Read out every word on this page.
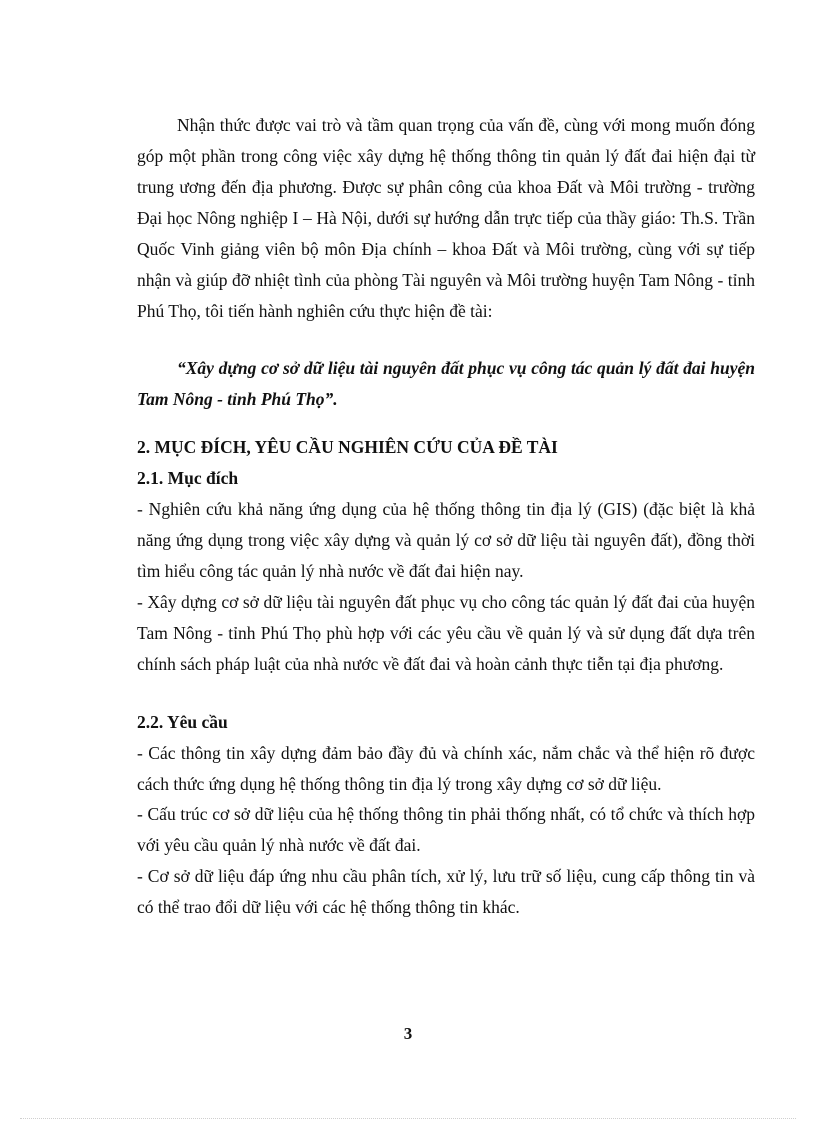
Nhận thức được vai trò và tầm quan trọng của vấn đề, cùng với mong muốn đóng góp một phần trong công việc xây dựng hệ thống thông tin quản lý đất đai hiện đại từ trung ương đến địa phương. Được sự phân công của khoa Đất và Môi trường - trường Đại học Nông nghiệp I – Hà Nội, dưới sự hướng dẫn trực tiếp của thầy giáo: Th.S. Trần Quốc Vinh giảng viên bộ môn Địa chính – khoa Đất và Môi trường, cùng với sự tiếp nhận và giúp đỡ nhiệt tình của phòng Tài nguyên và Môi trường huyện Tam Nông - tỉnh Phú Thọ, tôi tiến hành nghiên cứu thực hiện đề tài:

“Xây dựng cơ sở dữ liệu tài nguyên đất phục vụ công tác quản lý đất đai huyện Tam Nông - tỉnh Phú Thọ”.

2. MỤC ĐÍCH, YÊU CẦU NGHIÊN CỨU CỦA ĐỀ TÀI

2.1. Mục đích

- Nghiên cứu khả năng ứng dụng của hệ thống thông tin địa lý (GIS) (đặc biệt là khả năng ứng dụng trong việc xây dựng và quản lý cơ sở dữ liệu tài nguyên đất), đồng thời tìm hiểu công tác quản lý nhà nước về đất đai hiện nay.

- Xây dựng cơ sở dữ liệu tài nguyên đất phục vụ cho công tác quản lý đất đai của huyện Tam Nông - tỉnh Phú Thọ phù hợp với các yêu cầu về quản lý và sử dụng đất dựa trên chính sách pháp luật của nhà nước về đất đai và hoàn cảnh thực tiễn tại địa phương.

2.2. Yêu cầu

- Các thông tin xây dựng đảm bảo đầy đủ và chính xác, nắm chắc và thể hiện rõ được cách thức ứng dụng hệ thống thông tin địa lý trong xây dựng cơ sở dữ liệu.

- Cấu trúc cơ sở dữ liệu của hệ thống thông tin phải thống nhất, có tổ chức và thích hợp với yêu cầu quản lý nhà nước về đất đai.

- Cơ sở dữ liệu đáp ứng nhu cầu phân tích, xử lý, lưu trữ số liệu, cung cấp thông tin và có thể trao đổi dữ liệu với các hệ thống thông tin khác.

3
